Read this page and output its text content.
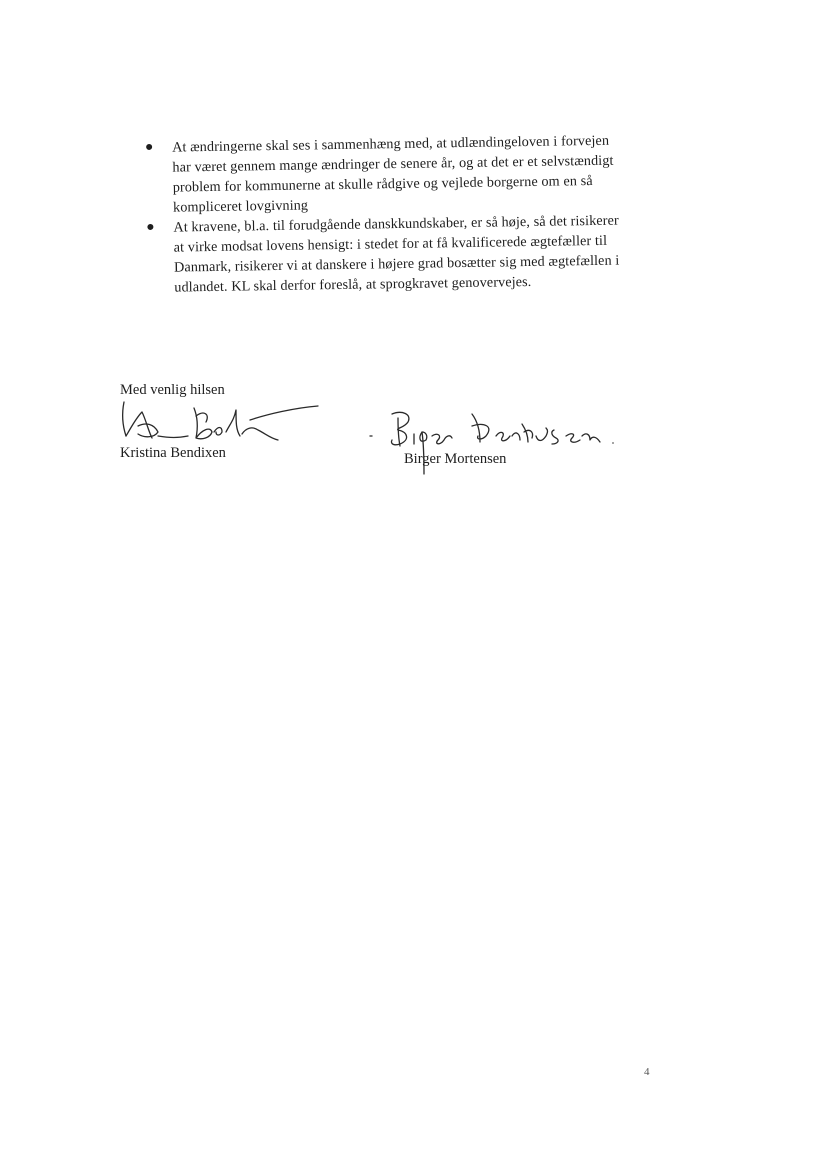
At ændringerne skal ses i sammenhæng med, at udlændingeloven i forvejen har været gennem mange ændringer de senere år, og at det er et selvstændigt problem for kommunerne at skulle rådgive og vejlede borgerne om en så kompliceret lovgivning
At kravene, bl.a. til forudgående danskkundskaber, er så høje, så det risikerer at virke modsat lovens hensigt: i stedet for at få kvalificerede ægtefæller til Danmark, risikerer vi at danskere i højere grad bosætter sig med ægtefællen i udlandet. KL skal derfor foreslå, at sprogkravet genovervejes.
Med venlig hilsen
Kristina Bendixen	Birger Mortensen
4
